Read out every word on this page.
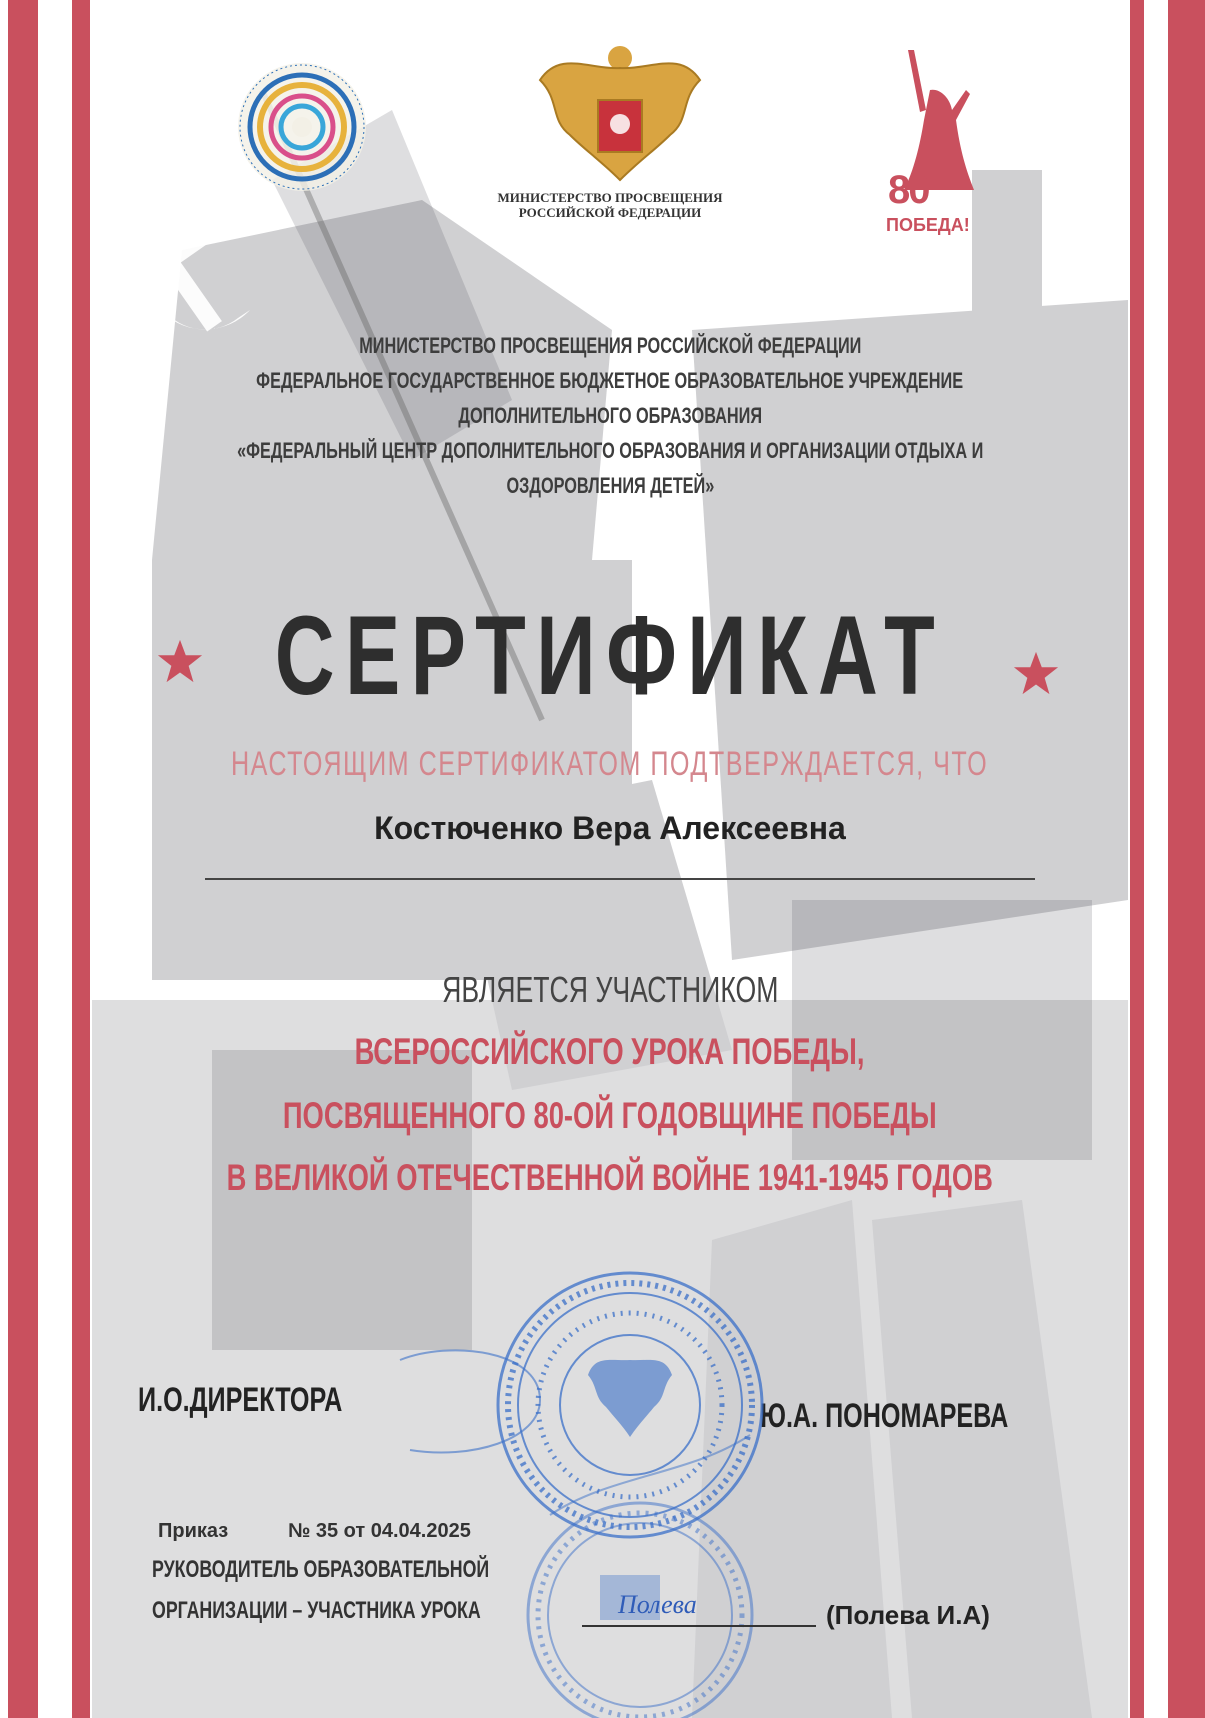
МИНИСТЕРСТВО ПРОСВЕЩЕНИЯ
РОССИЙСКОЙ ФЕДЕРАЦИИ
80
ПОБЕДА!
МИНИСТЕРСТВО ПРОСВЕЩЕНИЯ РОССИЙСКОЙ ФЕДЕРАЦИИ
ФЕДЕРАЛЬНОЕ ГОСУДАРСТВЕННОЕ БЮДЖЕТНОЕ ОБРАЗОВАТЕЛЬНОЕ УЧРЕЖДЕНИЕ
ДОПОЛНИТЕЛЬНОГО ОБРАЗОВАНИЯ
«ФЕДЕРАЛЬНЫЙ ЦЕНТР ДОПОЛНИТЕЛЬНОГО ОБРАЗОВАНИЯ И ОРГАНИЗАЦИИ ОТДЫХА И
ОЗДОРОВЛЕНИЯ ДЕТЕЙ»
СЕРТИФИКАТ
НАСТОЯЩИМ СЕРТИФИКАТОМ ПОДТВЕРЖДАЕТСЯ, ЧТО
Костюченко Вера Алексеевна
ЯВЛЯЕТСЯ УЧАСТНИКОМ
ВСЕРОССИЙСКОГО УРОКА ПОБЕДЫ,
ПОСВЯЩЕННОГО 80-ОЙ ГОДОВЩИНЕ ПОБЕДЫ
В ВЕЛИКОЙ ОТЕЧЕСТВЕННОЙ ВОЙНЕ 1941-1945 ГОДОВ
И.О.ДИРЕКТОРА	Ю.А. ПОНОМАРЕВА
Приказ	№ 35 от 04.04.2025
РУКОВОДИТЕЛЬ ОБРАЗОВАТЕЛЬНОЙ
ОРГАНИЗАЦИИ – УЧАСТНИКА УРОКА	Полева	(Полева И.А)
